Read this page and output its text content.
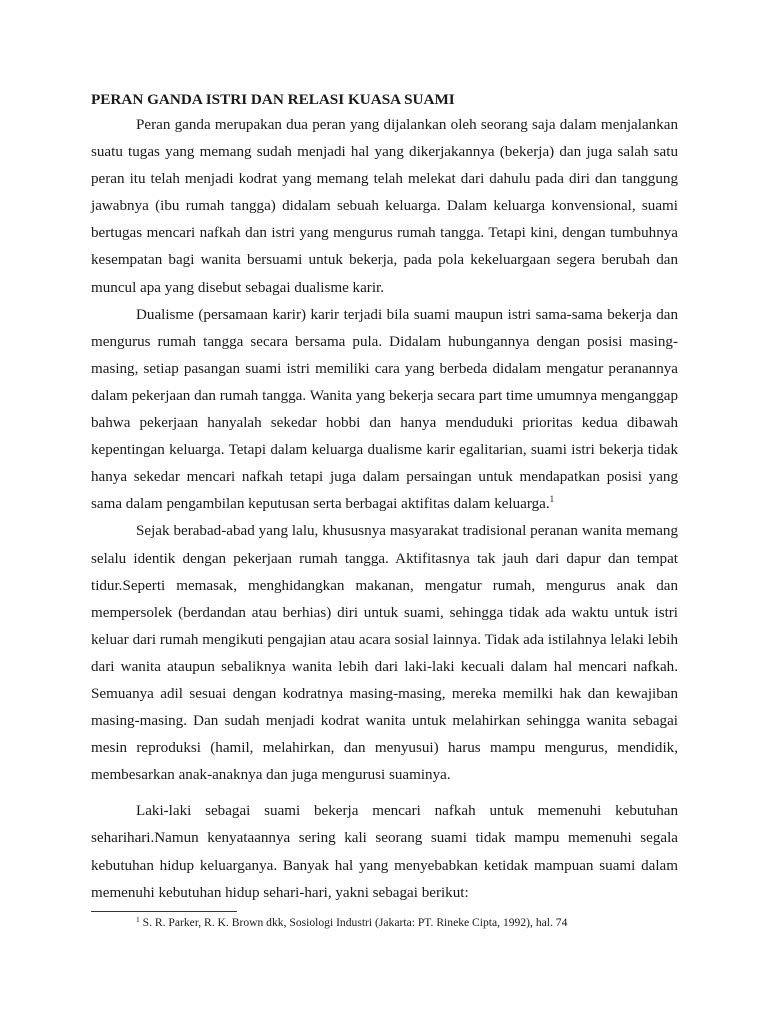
PERAN GANDA ISTRI DAN RELASI KUASA SUAMI

Peran ganda merupakan dua peran yang dijalankan oleh seorang saja dalam menjalankan suatu tugas yang memang sudah menjadi hal yang dikerjakannya (bekerja) dan juga salah satu peran itu telah menjadi kodrat yang memang telah melekat dari dahulu pada diri dan tanggung jawabnya (ibu rumah tangga) didalam sebuah keluarga. Dalam keluarga konvensional, suami bertugas mencari nafkah dan istri yang mengurus rumah tangga. Tetapi kini, dengan tumbuhnya kesempatan bagi wanita bersuami untuk bekerja, pada pola kekeluargaan segera berubah dan muncul apa yang disebut sebagai dualisme karir.

Dualisme (persamaan karir) karir terjadi bila suami maupun istri sama-sama bekerja dan mengurus rumah tangga secara bersama pula. Didalam hubungannya dengan posisi masing-masing, setiap pasangan suami istri memiliki cara yang berbeda didalam mengatur peranannya dalam pekerjaan dan rumah tangga. Wanita yang bekerja secara part time umumnya menganggap bahwa pekerjaan hanyalah sekedar hobbi dan hanya menduduki prioritas kedua dibawah kepentingan keluarga. Tetapi dalam keluarga dualisme karir egalitarian, suami istri bekerja tidak hanya sekedar mencari nafkah tetapi juga dalam persaingan untuk mendapatkan posisi yang sama dalam pengambilan keputusan serta berbagai aktifitas dalam keluarga.$^1$

Sejak berabad-abad yang lalu, khususnya masyarakat tradisional peranan wanita memang selalu identik dengan pekerjaan rumah tangga. Aktifitasnya tak jauh dari dapur dan tempat tidur.Seperti memasak, menghidangkan makanan, mengatur rumah, mengurus anak dan mempersolek (berdandan atau berhias) diri untuk suami, sehingga tidak ada waktu untuk istri keluar dari rumah mengikuti pengajian atau acara sosial lainnya. Tidak ada istilahnya lelaki lebih dari wanita ataupun sebaliknya wanita lebih dari laki-laki kecuali dalam hal mencari nafkah. Semuanya adil sesuai dengan kodratnya masing-masing, mereka memilki hak dan kewajiban masing-masing. Dan sudah menjadi kodrat wanita untuk melahirkan sehingga wanita sebagai mesin reproduksi (hamil, melahirkan, dan menyusui) harus mampu mengurus, mendidik, membesarkan anak-anaknya dan juga mengurusi suaminya.

Laki-laki sebagai suami bekerja mencari nafkah untuk memenuhi kebutuhan seharihari.Namun kenyataannya sering kali seorang suami tidak mampu memenuhi segala kebutuhan hidup keluarganya. Banyak hal yang menyebabkan ketidak mampuan suami dalam memenuhi kebutuhan hidup sehari-hari, yakni sebagai berikut:

$^1$ S. R. Parker, R. K. Brown dkk, Sosiologi Industri (Jakarta: PT. Rineke Cipta, 1992), hal. 74
